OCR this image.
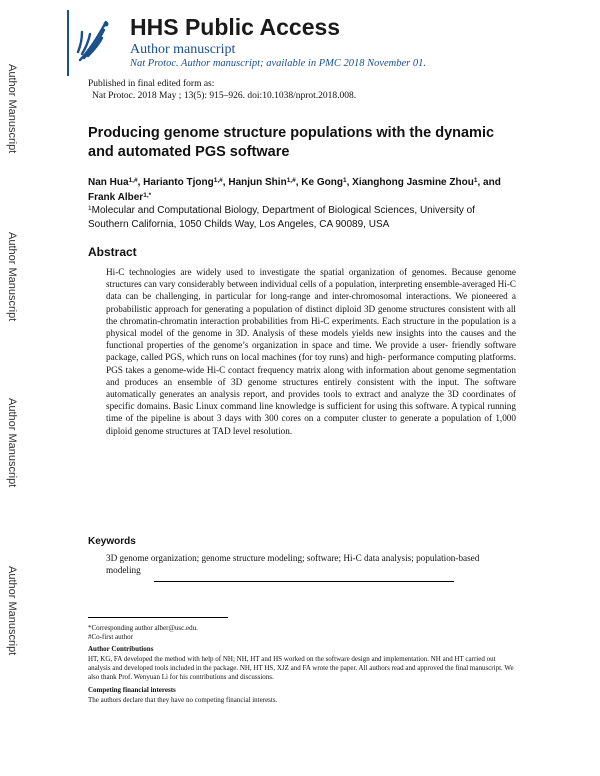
Author Manuscript
Author Manuscript
Author Manuscript
Author Manuscript
HHS Public Access
Author manuscript
Nat Protoc. Author manuscript; available in PMC 2018 November 01.
Published in final edited form as:
Nat Protoc. 2018 May ; 13(5): 915–926. doi:10.1038/nprot.2018.008.
Producing genome structure populations with the dynamic and automated PGS software
Nan Hua$^{1,\#}$, Harianto Tjong$^{1,\#}$, Hanjun Shin$^{1,\#}$, Ke Gong$^1$, Xianghong Jasmine Zhou$^1$, and Frank Alber$^{1,*}$
$^1$Molecular and Computational Biology, Department of Biological Sciences, University of Southern California, 1050 Childs Way, Los Angeles, CA 90089, USA
Abstract
Hi-C technologies are widely used to investigate the spatial organization of genomes. Because genome structures can vary considerably between individual cells of a population, interpreting ensemble-averaged Hi-C data can be challenging, in particular for long-range and inter-chromosomal interactions. We pioneered a probabilistic approach for generating a population of distinct diploid 3D genome structures consistent with all the chromatin-chromatin interaction probabilities from Hi-C experiments. Each structure in the population is a physical model of the genome in 3D. Analysis of these models yields new insights into the causes and the functional properties of the genome’s organization in space and time. We provide a user- friendly software package, called PGS, which runs on local machines (for toy runs) and high- performance computing platforms. PGS takes a genome-wide Hi-C contact frequency matrix along with information about genome segmentation and produces an ensemble of 3D genome structures entirely consistent with the input. The software automatically generates an analysis report, and provides tools to extract and analyze the 3D coordinates of specific domains. Basic Linux command line knowledge is sufficient for using this software. A typical running time of the pipeline is about 3 days with 300 cores on a computer cluster to generate a population of 1,000 diploid genome structures at TAD level resolution.
Keywords
3D genome organization; genome structure modeling; software; Hi-C data analysis; population-based modeling
*Corresponding author alber@usc.edu.
#Co-first author
Author Contributions
HT, KG, FA developed the method with help of NH; NH, HT and HS worked on the software design and implementation. NH and HT carried out analysis and developed tools included in the package. NH, HT HS, XJZ and FA wrote the paper. All authors read and approved the final manuscript. We also thank Prof. Wenyuan Li for his contributions and discussions.
Competing financial interests
The authors declare that they have no competing financial interests.
